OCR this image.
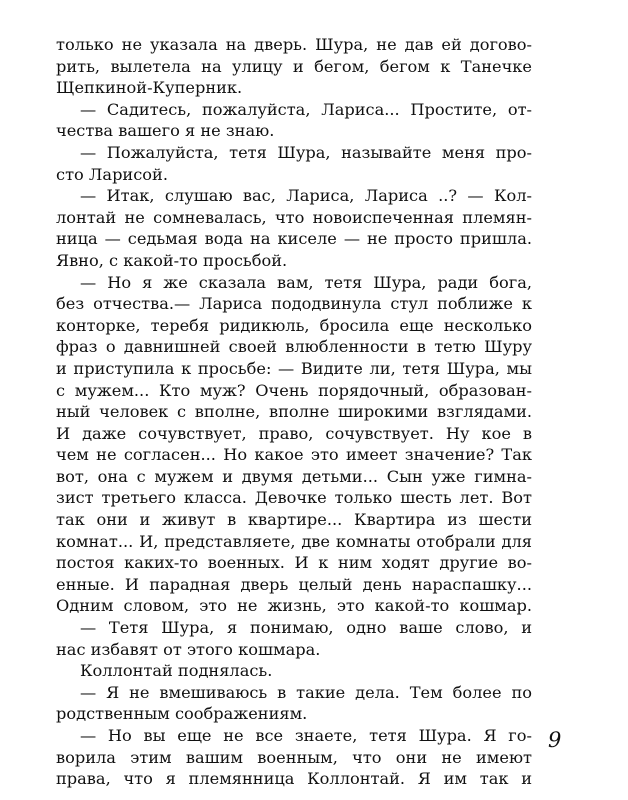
только не указала на дверь. Шура, не дав ей догово-
рить, вылетела на улицу и бегом, бегом к Танечке
Щепкиной-Куперник.
— Садитесь, пожалуйста, Лариса... Простите, от-
чества вашего я не знаю.
— Пожалуйста, тетя Шура, называйте меня про-
сто Ларисой.
— Итак, слушаю вас, Лариса, Лариса ..? — Кол-
лонтай не сомневалась, что новоиспеченная племян-
ница — седьмая вода на киселе — не просто пришла.
Явно, с какой-то просьбой.
— Но я же сказала вам, тетя Шура, ради бога,
без отчества.— Лариса пододвинула стул поближе к
конторке, теребя ридикюль, бросила еще несколько
фраз о давнишней своей влюбленности в тетю Шуру
и приступила к просьбе: — Видите ли, тетя Шура, мы
с мужем... Кто муж? Очень порядочный, образован-
ный человек с вполне, вполне широкими взглядами.
И даже сочувствует, право, сочувствует. Ну кое в
чем не согласен... Но какое это имеет значение? Так
вот, она с мужем и двумя детьми... Сын уже гимна-
зист третьего класса. Девочке только шесть лет. Вот
так они и живут в квартире... Квартира из шести
комнат... И, представляете, две комнаты отобрали для
постоя каких-то военных. И к ним ходят другие во-
енные. И парадная дверь целый день нараспашку...
Одним словом, это не жизнь, это какой-то кошмар.
— Тетя Шура, я понимаю, одно ваше слово, и
нас избавят от этого кошмара.
Коллонтай поднялась.
— Я не вмешиваюсь в такие дела. Тем более по
родственным соображениям.
— Но вы еще не все знаете, тетя Шура. Я го-
ворила этим вашим военным, что они не имеют
права, что я племянница Коллонтай. Я им так и
9
